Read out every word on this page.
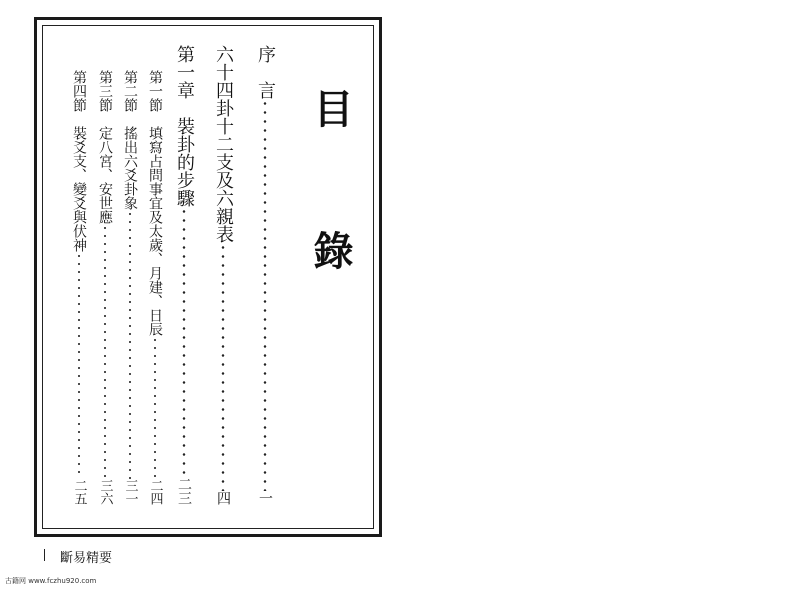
目 錄
序　言
一
六十四卦十二支及六親表
四
第一章　裝卦的步驟
二三
第一節　填寫占問事宜及太歲、月建、日辰
二四
第二節　搖出六爻卦象
三一
第三節　定八宮、安世應
三六
第四節　裝爻支、變爻與伏神
二五
斷易精要
古籍网 www.fczhu920.com
